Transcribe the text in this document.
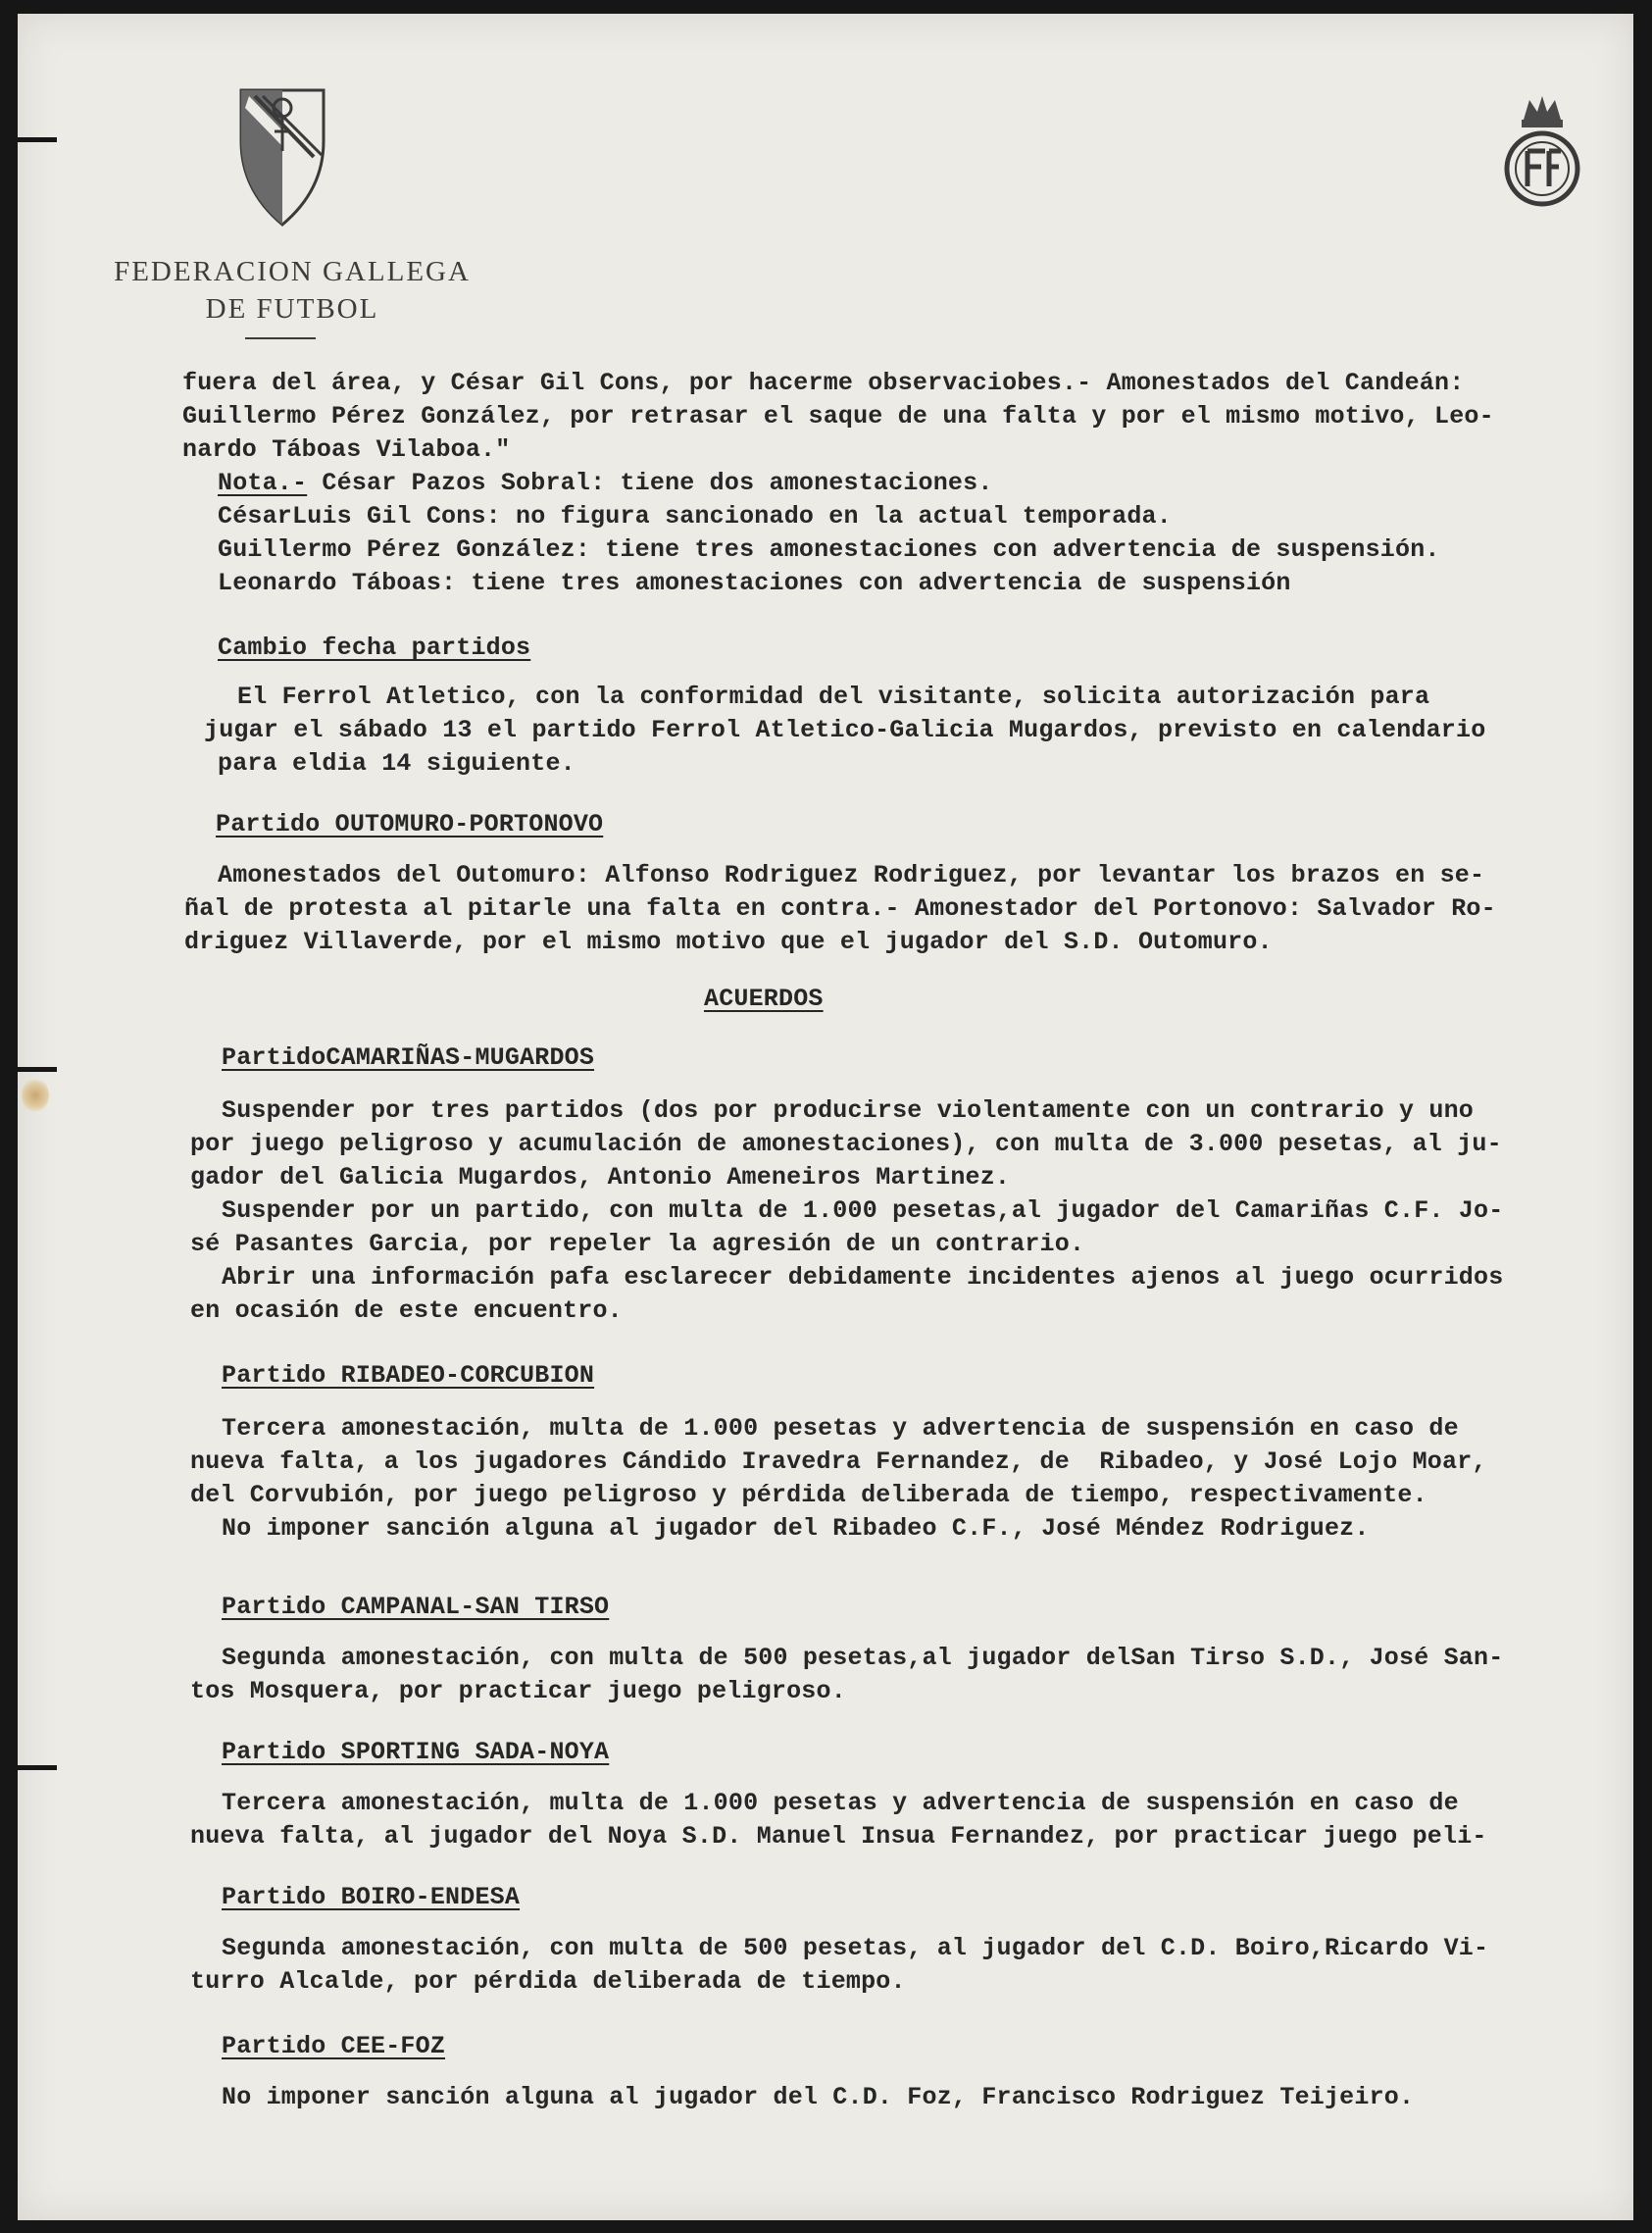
FEDERACION GALLEGA
DE FUTBOL
fuera del área, y César Gil Cons, por hacerme observaciobes.- Amonestados del Candeán:
Guillermo Pérez González, por retrasar el saque de una falta y por el mismo motivo, Leo-
nardo Táboas Vilaboa."
Nota.- César Pazos Sobral: tiene dos amonestaciones.
CésarLuis Gil Cons: no figura sancionado en la actual temporada.
Guillermo Pérez González: tiene tres amonestaciones con advertencia de suspensión.
Leonardo Táboas: tiene tres amonestaciones con advertencia de suspensión
Cambio fecha partidos
El Ferrol Atletico, con la conformidad del visitante, solicita autorización para
jugar el sábado 13 el partido Ferrol Atletico-Galicia Mugardos, previsto en calendario
para eldia 14 siguiente.
Partido OUTOMURO-PORTONOVO
Amonestados del Outomuro: Alfonso Rodriguez Rodriguez, por levantar los brazos en se-
ñal de protesta al pitarle una falta en contra.- Amonestador del Portonovo: Salvador Ro-
driguez Villaverde, por el mismo motivo que el jugador del S.D. Outomuro.
ACUERDOS
PartidoCAMARIÑAS-MUGARDOS
Suspender por tres partidos (dos por producirse violentamente con un contrario y uno
por juego peligroso y acumulación de amonestaciones), con multa de 3.000 pesetas, al ju-
gador del Galicia Mugardos, Antonio Ameneiros Martinez.
Suspender por un partido, con multa de 1.000 pesetas,al jugador del Camariñas C.F. Jo-
sé Pasantes Garcia, por repeler la agresión de un contrario.
Abrir una información pafa esclarecer debidamente incidentes ajenos al juego ocurridos
en ocasión de este encuentro.
Partido RIBADEO-CORCUBION
Tercera amonestación, multa de 1.000 pesetas y advertencia de suspensión en caso de
nueva falta, a los jugadores Cándido Iravedra Fernandez, de  Ribadeo, y José Lojo Moar,
del Corvubión, por juego peligroso y pérdida deliberada de tiempo, respectivamente.
No imponer sanción alguna al jugador del Ribadeo C.F., José Méndez Rodriguez.
Partido CAMPANAL-SAN TIRSO
Segunda amonestación, con multa de 500 pesetas,al jugador delSan Tirso S.D., José San-
tos Mosquera, por practicar juego peligroso.
Partido SPORTING SADA-NOYA
Tercera amonestación, multa de 1.000 pesetas y advertencia de suspensión en caso de
nueva falta, al jugador del Noya S.D. Manuel Insua Fernandez, por practicar juego peli-
Partido BOIRO-ENDESA
Segunda amonestación, con multa de 500 pesetas, al jugador del C.D. Boiro,Ricardo Vi-
turro Alcalde, por pérdida deliberada de tiempo.
Partido CEE-FOZ
No imponer sanción alguna al jugador del C.D. Foz, Francisco Rodriguez Teijeiro.
